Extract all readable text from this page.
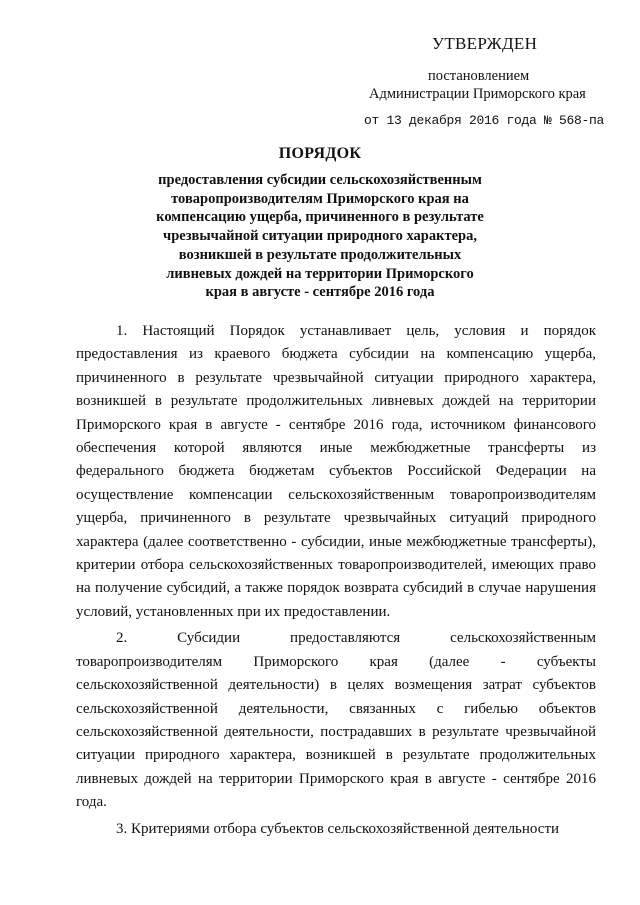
УТВЕРЖДЕН
постановлением
Администрации Приморского края
от 13 декабря 2016 года № 568-па
ПОРЯДОК
предоставления субсидии сельскохозяйственным товаропроизводителям Приморского края на компенсацию ущерба, причиненного в результате чрезвычайной ситуации природного характера, возникшей в результате продолжительных ливневых дождей на территории Приморского края в августе - сентябре 2016 года

1. Настоящий Порядок устанавливает цель, условия и порядок предоставления из краевого бюджета субсидии на компенсацию ущерба, причиненного в результате чрезвычайной ситуации природного характера, возникшей в результате продолжительных ливневых дождей на территории Приморского края в августе - сентябре 2016 года, источником финансового обеспечения которой являются иные межбюджетные трансферты из федерального бюджета бюджетам субъектов Российской Федерации на осуществление компенсации сельскохозяйственным товаропроизводителям ущерба, причиненного в результате чрезвычайных ситуаций природного характера (далее соответственно - субсидии, иные межбюджетные трансферты), критерии отбора сельскохозяйственных товаропроизводителей, имеющих право на получение субсидий, а также порядок возврата субсидий в случае нарушения условий, установленных при их предоставлении.

2. Субсидии предоставляются сельскохозяйственным товаропроизводителям Приморского края (далее - субъекты сельскохозяйственной деятельности) в целях возмещения затрат субъектов сельскохозяйственной деятельности, связанных с гибелью объектов сельскохозяйственной деятельности, пострадавших в результате чрезвычайной ситуации природного характера, возникшей в результате продолжительных ливневых дождей на территории Приморского края в августе - сентябре 2016 года.

3. Критериями отбора субъектов сельскохозяйственной деятельности
